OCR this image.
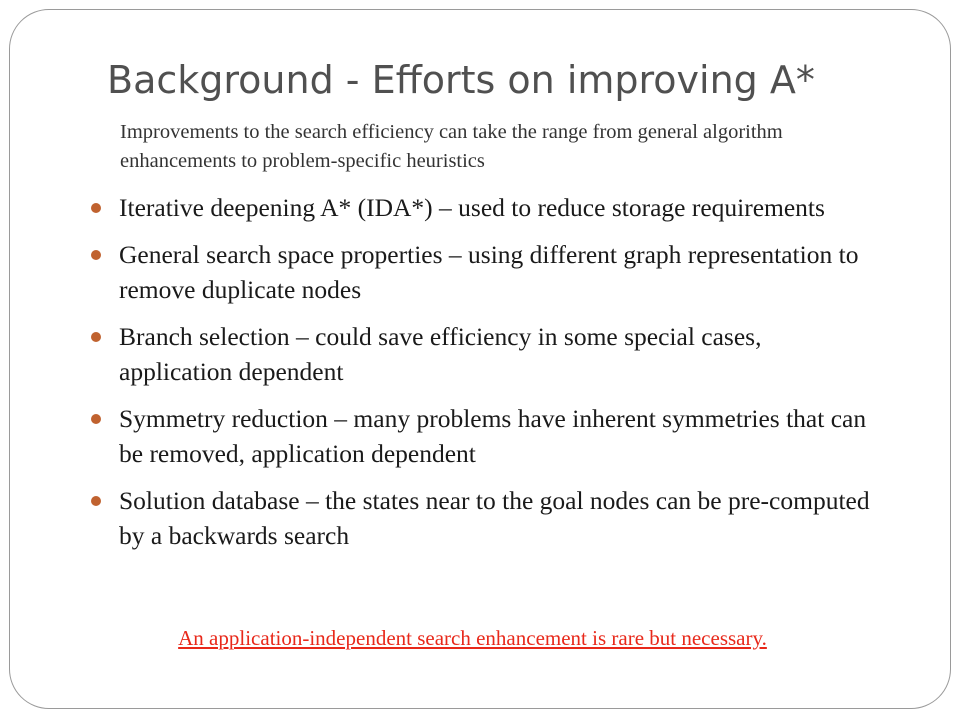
Background - Efforts on improving A*

Improvements to the search efficiency can take the range from general algorithm enhancements to problem-specific heuristics

Iterative deepening A* (IDA*) – used to reduce storage requirements
General search space properties – using different graph representation to remove duplicate nodes
Branch selection – could save efficiency in some special cases, application dependent
Symmetry reduction – many problems have inherent symmetries that can be removed, application dependent
Solution database – the states near to the goal nodes can be pre-computed by a backwards search

An application-independent search enhancement is rare but necessary.
